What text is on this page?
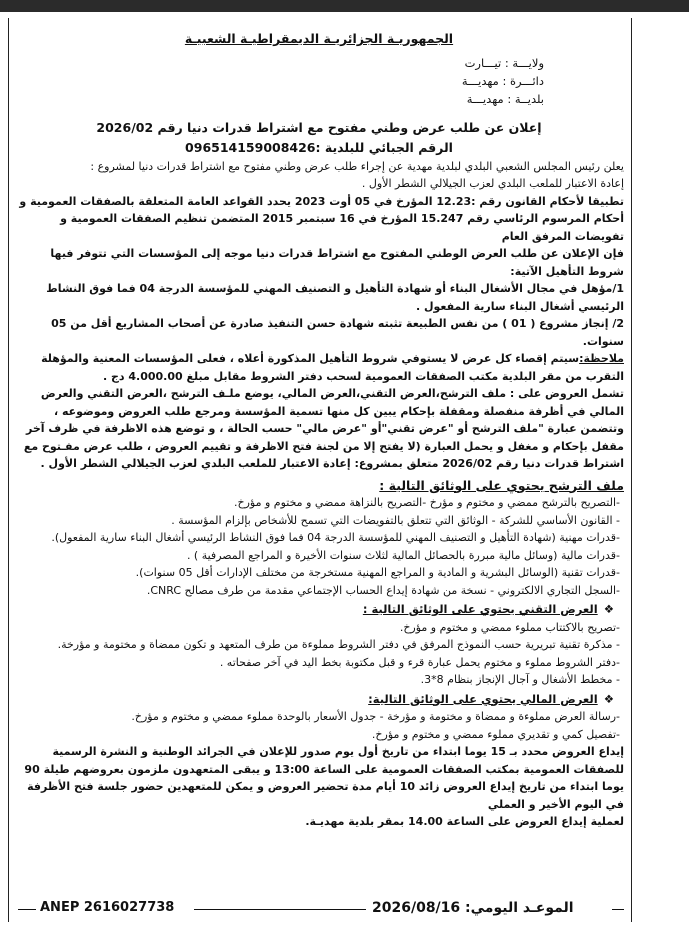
الجمهوريـة الجزائريـة الديمقراطيـة الشعبيـة
ولايـــة : تيـــارت
دائـــرة : مهديـــة
بلديــة : مهديـــة
إعلان عن طلب عرض وطني مفتوح مع اشتراط قدرات دنيا رقم 2026/02
الرقم الجبائي للبلدية :096514159008426

يعلن رئيس المجلس الشعبي البلدي لبلدية مهدية عن إجراء طلب عرض وطني مفتوح مع اشتراط قدرات دنيا لمشروع :

إعادة الاعتبار للملعب البلدي لعزب الجيلالي الشطر الأول .

تطبيقا لأحكام القانون رقم :12.23 المؤرخ في 05 أوت 2023 يحدد القواعد العامة المتعلقة بالصفقات العمومية و أحكام المرسوم الرئاسي رقم 15.247 المؤرخ في 16 سبتمبر 2015 المتضمن تنظيم الصفقات العمومية و تفويضات المرفق العام

فإن الإعلان عن طلب العرض الوطني المفتوح مع اشتراط قدرات دنيا موجه إلى المؤسسات التي تتوفر فيها شروط التأهيل الآتية:

1/مؤهل في مجال الأشغال البناء أو شهادة التأهيل و التصنيف المهني للمؤسسة الدرجة 04 فما فوق النشاط الرئيسي أشغال البناء سارية المفعول .

2/ إنجاز مشروع ( 01 ) من نفس الطبيعة تثبته شهادة حسن التنفيذ صادرة عن أصحاب المشاريع أقل من 05 سنوات.

ملاحظة:سيتم إقصاء كل عرض لا يستوفي شروط التأهيل المذكورة أعلاه ، فعلى المؤسسات المعنية والمؤهلة التقرب من مقر البلدية مكتب الصفقات العمومية لسحب دفتر الشروط مقابل مبلغ 4.000.00 دج .

تشمل العروض على : ملف الترشح،العرض التقني،العرض المالي، يوضع ملـف الترشح ،العرض التقني والعرض المالي في أظرفة منفصلة ومقفلة بإحكام يبين كل منها تسمية المؤسسة ومرجع طلب العروض وموضوعه ، وتتضمن عبارة "ملف الترشح أو "عرض تقني"أو "عرض مالي" حسب الحالة ، و توضع هذه الاظرفة في ظرف آخر مقفل بإحكام و مغفل و يحمل العبارة (لا يفتح إلا من لجنة فتح الاظرفة و تقييم العروض ، طلب عرض مفـتوح مع اشتراط قدرات دنيا رقم 2026/02 متعلق بمشروع: إعادة الاعتبار للملعب البلدي لعزب الجيلالي الشطر الأول .

ملف الترشح يحتوي على الوثائق التالية :

-التصريح بالترشح ممضي و مختوم و مؤرخ -التصريح بالنزاهة ممضي و مختوم و مؤرخ.

- القانون الأساسي للشركة - الوثائق التي تتعلق بالتفويضات التي تسمح للأشخاص بإلزام المؤسسة .

-قدرات مهنية (شهادة التأهيل و التصنيف المهني للمؤسسة الدرجة 04 فما فوق النشاط الرئيسي أشغال البناء سارية المفعول).

-قدرات مالية (وسائل مالية مبررة بالحصائل المالية لثلاث سنوات الأخيرة و المراجع المصرفية ) .

-قدرات تقنية (الوسائل البشرية و المادية و المراجع المهنية مستخرجة من مختلف الإدارات أقل 05 سنوات).

-السجل التجاري الالكتروني - نسخة من شهادة إيداع الحساب الإجتماعي مقدمة من طرف مصالح CNRC.

❖العرض التقني يحتوي على الوثائق التالية :

-تصريح بالاكتتاب مملوء ممضي و مختوم و مؤرخ.

- مذكرة تقنية تبريرية حسب النموذج المرفق في دفتر الشروط مملوءة من طرف المتعهد و تكون ممضاة و مختومة و مؤرخة.

-دفتر الشروط مملوء و مختوم يحمل عبارة قرء و قبل مكتوبة بخط اليد في آخر صفحاته .

- مخطط الأشغال و آجال الإنجاز بنظام 8*3.

❖العرض المالي يحتوي على الوثائق التالية:

-رسالة العرض مملوءة و ممضاة و مختومة و مؤرخة - جدول الأسعار بالوحدة مملوء ممضي و مختوم و مؤرخ.

-تفصيل كمي و تقديري مملوء ممضي و مختوم و مؤرخ.

إيداع العروض محدد بـ 15 يوما ابتداء من تاريخ أول يوم صدور للإعلان في الجرائد الوطنية و النشرة الرسمية للصفقات العمومية بمكتب الصفقات العمومية على الساعة 13:00 و يبقى المتعهدون ملزمون بعروضهم طيلة 90 يوما ابتداء من تاريخ إيداع العروض زائد 10 أيام مدة تحضير العروض و يمكن للمتعهدين حضور جلسة فتح الأظرفة في اليوم الأخير و العملي

لعملية إيداع العروض على الساعة 14.00 بمقر بلدية مهديـة.

ANEP 2616027738	الموعـد اليومي: 2026/08/16
